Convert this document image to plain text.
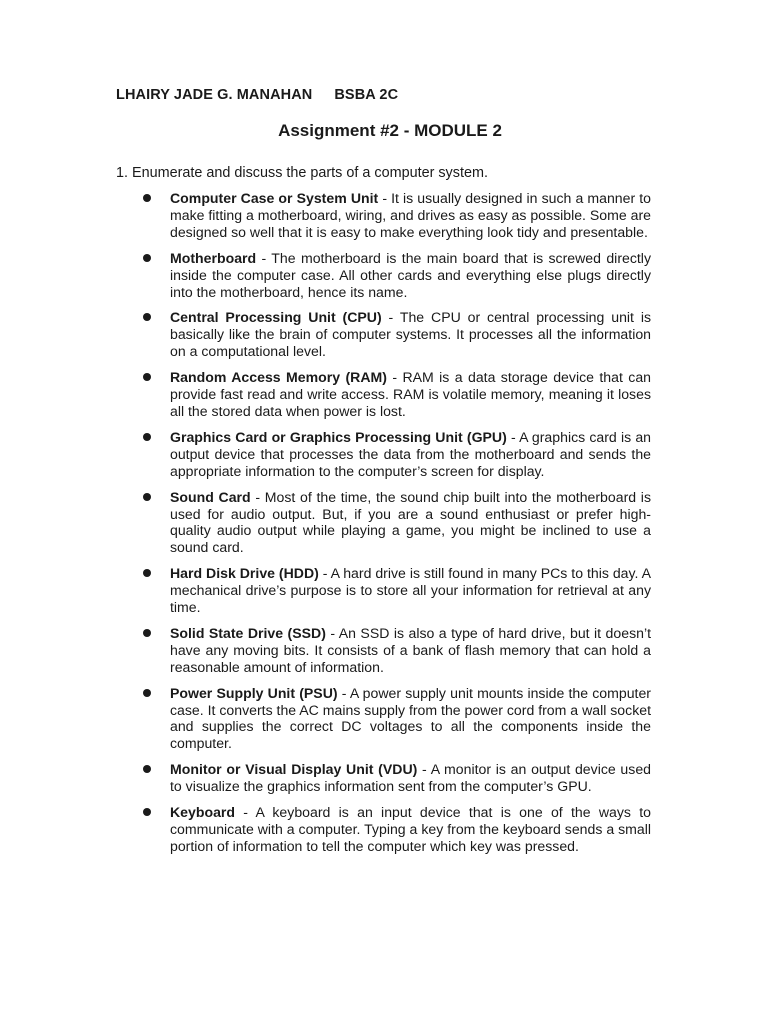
LHAIRY JADE G. MANAHAN BSBA 2C
Assignment #2 - MODULE 2
1. Enumerate and discuss the parts of a computer system.
Computer Case or System Unit - It is usually designed in such a manner to make fitting a motherboard, wiring, and drives as easy as possible. Some are designed so well that it is easy to make everything look tidy and presentable.
Motherboard - The motherboard is the main board that is screwed directly inside the computer case. All other cards and everything else plugs directly into the motherboard, hence its name.
Central Processing Unit (CPU) - The CPU or central processing unit is basically like the brain of computer systems. It processes all the information on a computational level.
Random Access Memory (RAM) - RAM is a data storage device that can provide fast read and write access. RAM is volatile memory, meaning it loses all the stored data when power is lost.
Graphics Card or Graphics Processing Unit (GPU) - A graphics card is an output device that processes the data from the motherboard and sends the appropriate information to the computer’s screen for display.
Sound Card - Most of the time, the sound chip built into the motherboard is used for audio output. But, if you are a sound enthusiast or prefer high-quality audio output while playing a game, you might be inclined to use a sound card.
Hard Disk Drive (HDD) - A hard drive is still found in many PCs to this day. A mechanical drive’s purpose is to store all your information for retrieval at any time.
Solid State Drive (SSD) - An SSD is also a type of hard drive, but it doesn’t have any moving bits. It consists of a bank of flash memory that can hold a reasonable amount of information.
Power Supply Unit (PSU) - A power supply unit mounts inside the computer case. It converts the AC mains supply from the power cord from a wall socket and supplies the correct DC voltages to all the components inside the computer.
Monitor or Visual Display Unit (VDU) - A monitor is an output device used to visualize the graphics information sent from the computer’s GPU.
Keyboard - A keyboard is an input device that is one of the ways to communicate with a computer. Typing a key from the keyboard sends a small portion of information to tell the computer which key was pressed.
